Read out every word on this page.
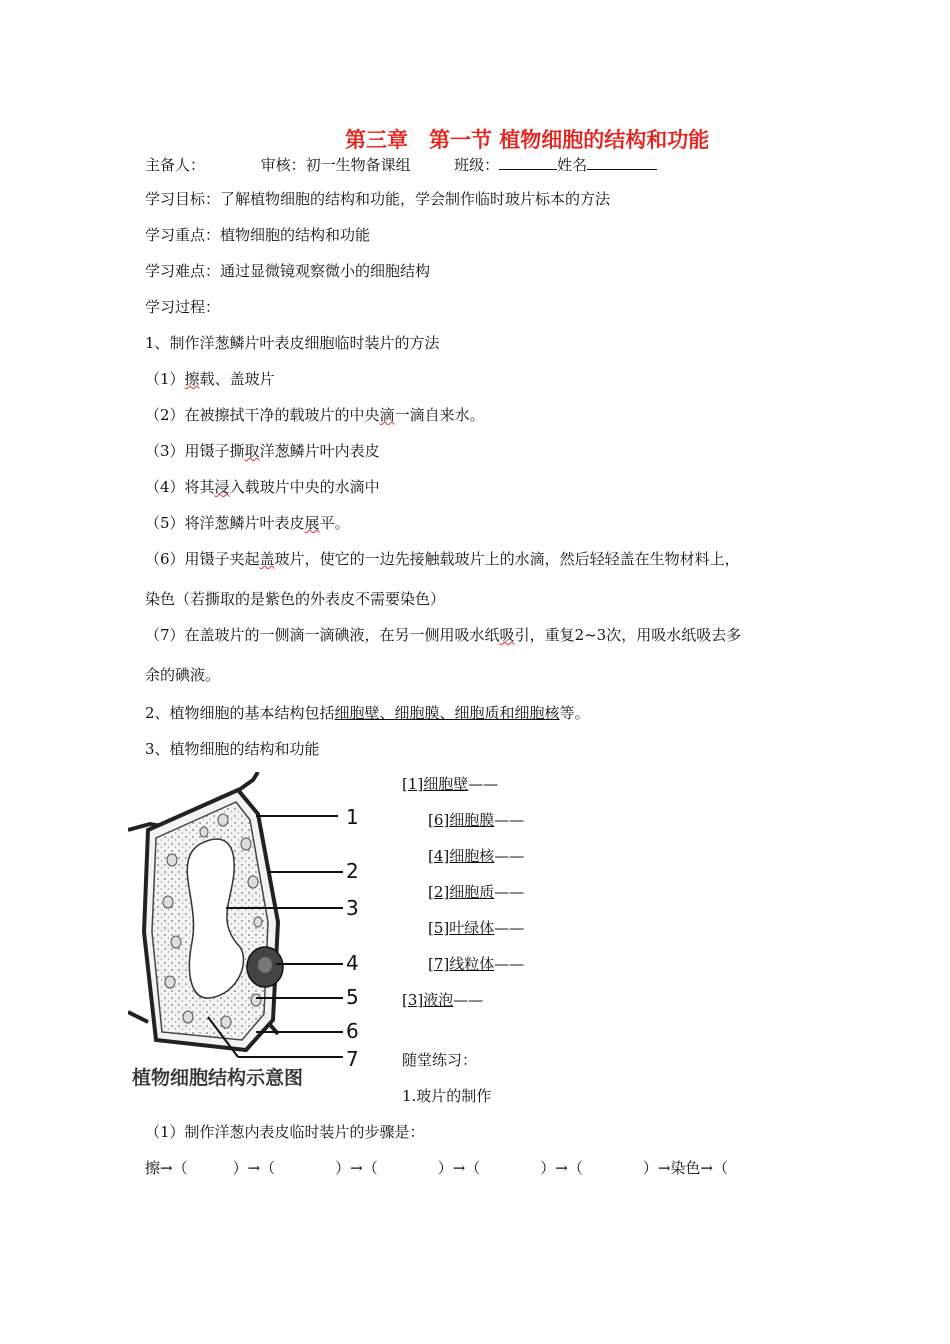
第三章　第一节 植物细胞的结构和功能
主备人：	审核：初一生物备课组	班级：	姓名
学习目标：了解植物细胞的结构和功能，学会制作临时玻片标本的方法
学习重点：植物细胞的结构和功能
学习难点：通过显微镜观察微小的细胞结构
学习过程：
1、制作洋葱鳞片叶表皮细胞临时装片的方法
（1）擦载、盖玻片
（2）在被擦拭干净的载玻片的中央滴一滴自来水。
（3）用镊子撕取洋葱鳞片叶内表皮
（4）将其浸入载玻片中央的水滴中
（5）将洋葱鳞片叶表皮展平。
（6）用镊子夹起盖玻片，使它的一边先接触载玻片上的水滴，然后轻轻盖在生物材料上，
染色（若撕取的是紫色的外表皮不需要染色）
（7）在盖玻片的一侧滴一滴碘液，在另一侧用吸水纸吸引，重复2~3次，用吸水纸吸去多
余的碘液。
2、植物细胞的基本结构包括细胞壁、细胞膜、细胞质和细胞核等。
3、植物细胞的结构和功能
[1]细胞壁——
[6]细胞膜——
[4]细胞核——
[2]细胞质——
[5]叶绿体——
[7]线粒体——
[3]液泡——
1
2
3
4
5
6
7
植物细胞结构示意图
随堂练习：
1.玻片的制作
（1）制作洋葱内表皮临时装片的步骤是：
擦→（　　　）→（　　　　）→（　　　　）→（　　　　）→（　　　　）→染色→（
